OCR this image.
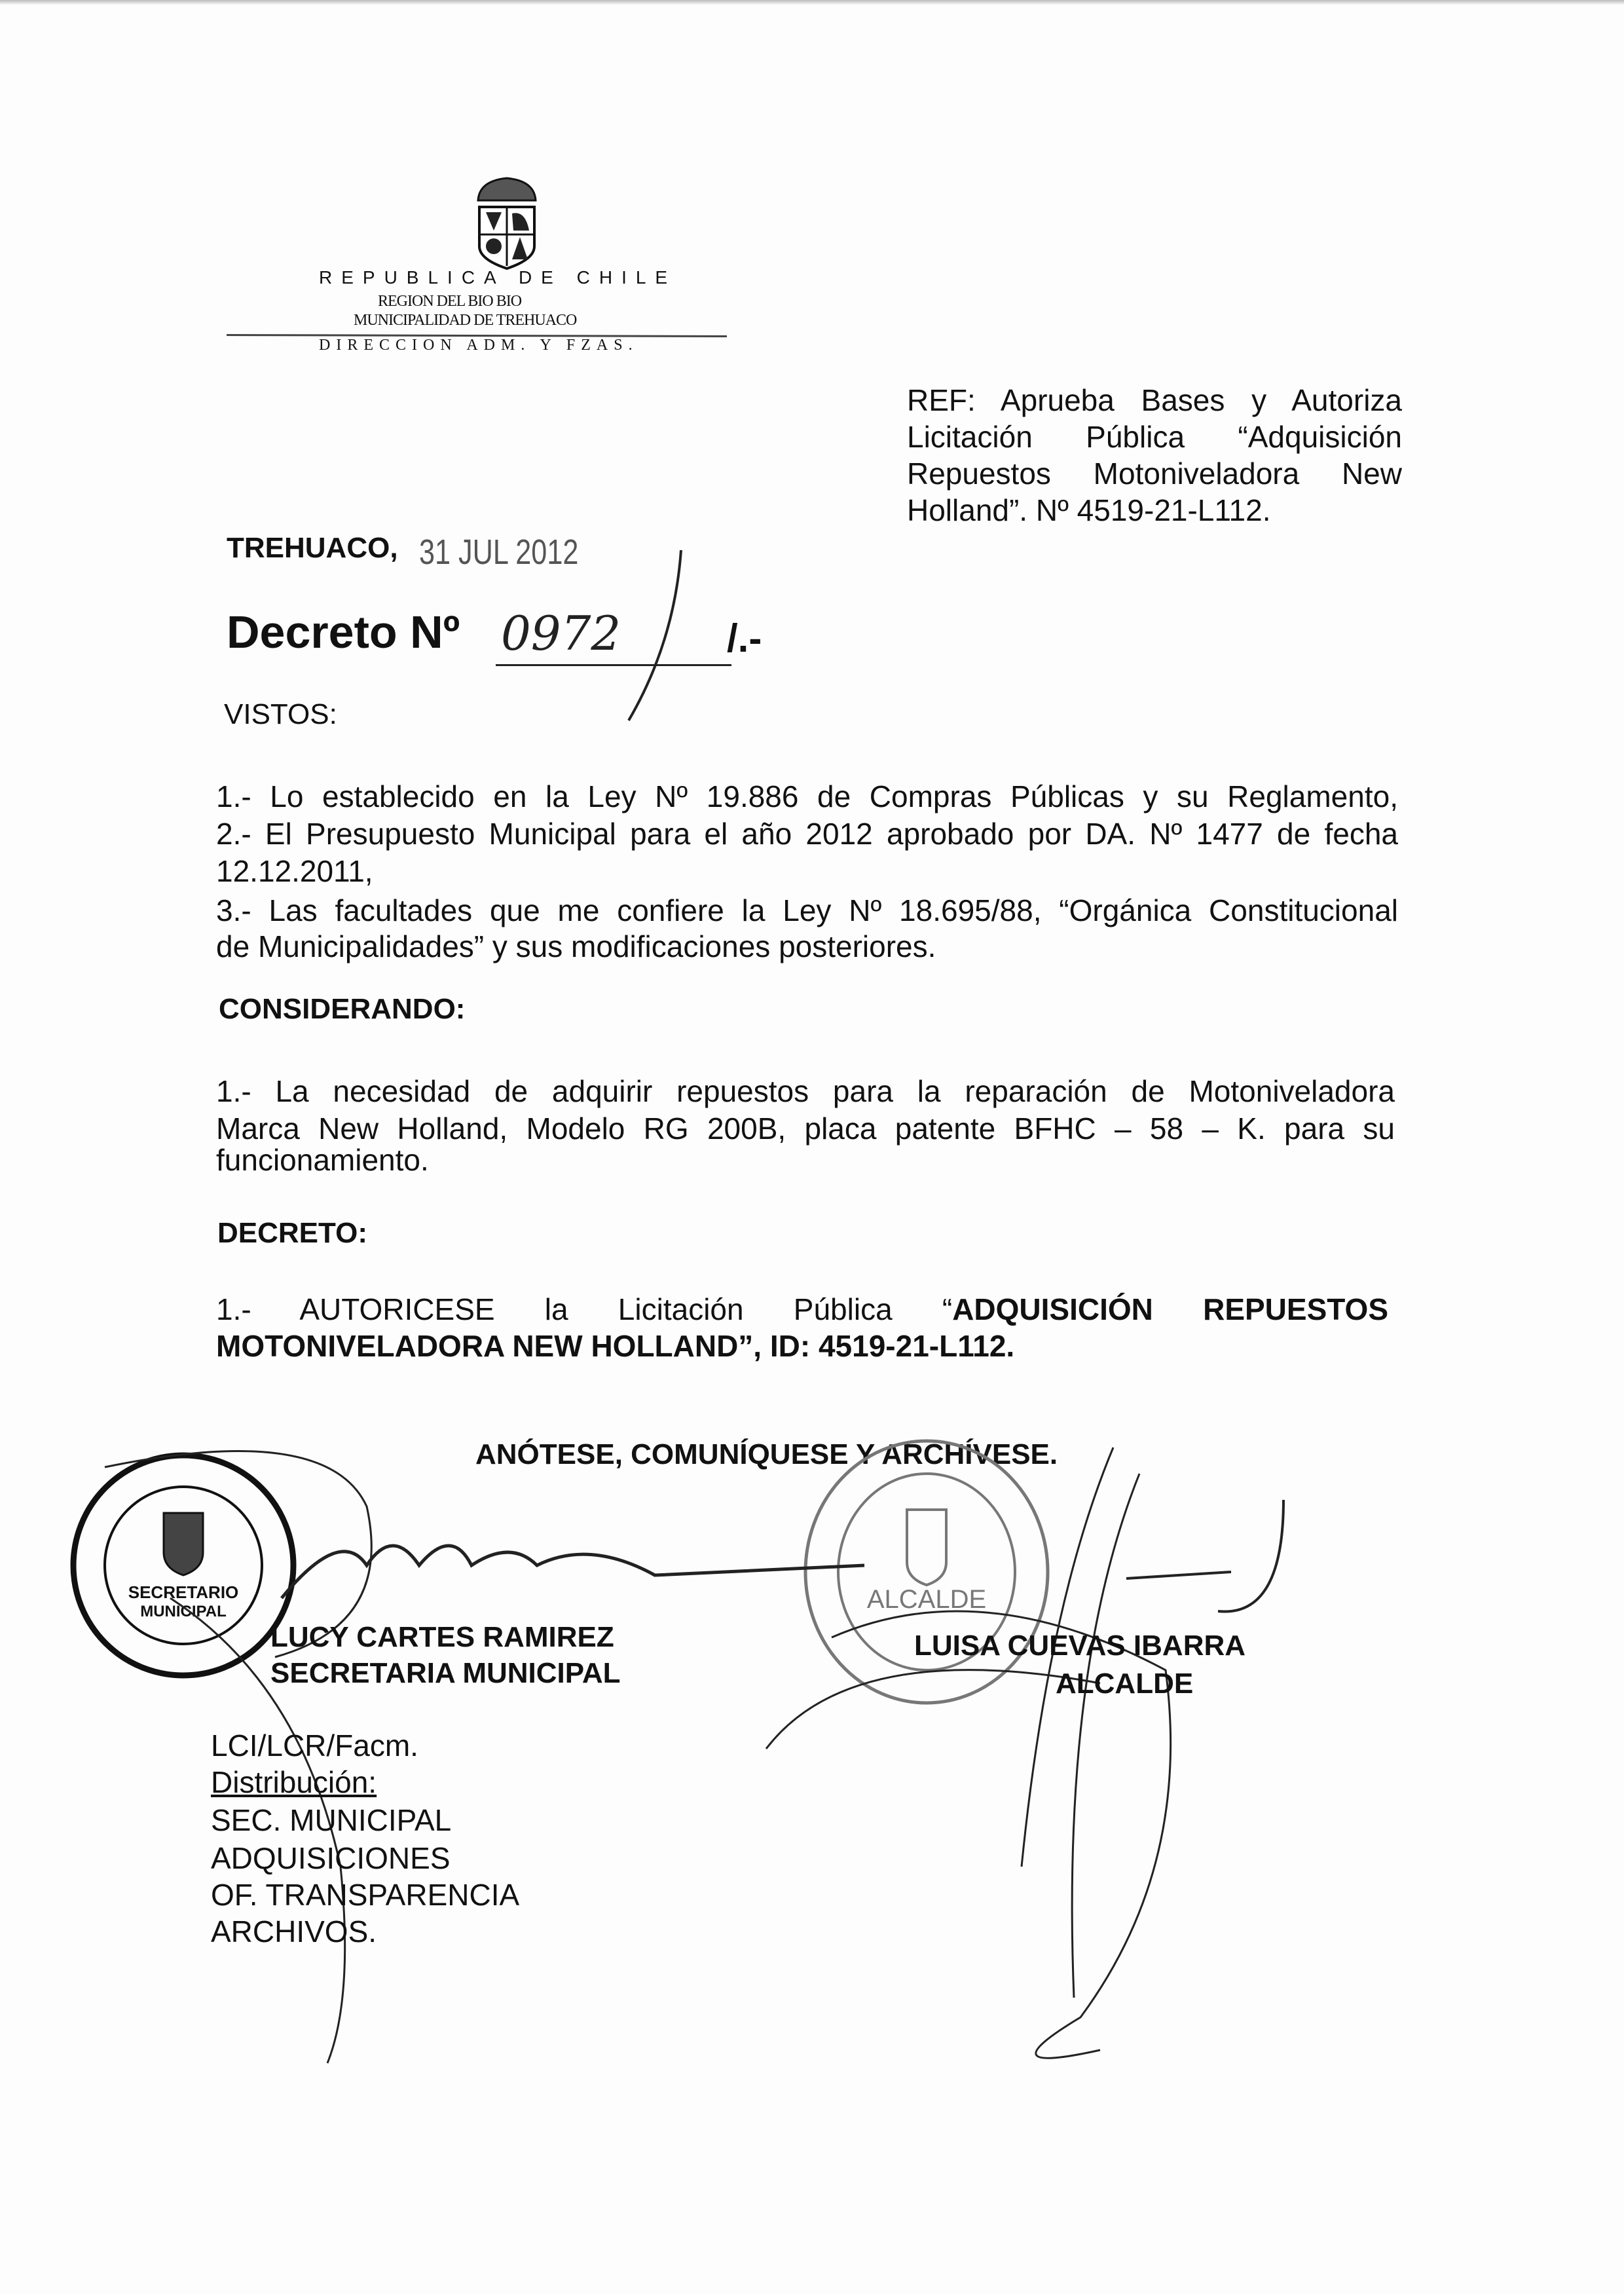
REPUBLICA DE CHILE
REGION DEL BIO BIO
MUNICIPALIDAD DE TREHUACO
DIRECCION ADM. Y FZAS.
REF: Aprueba Bases y Autoriza
Licitación Pública “Adquisición
Repuestos Motoniveladora New
Holland”. Nº 4519-21-L112.
TREHUACO, 31 JUL 2012
Decreto Nº 0972	/.-
VISTOS:
1.- Lo establecido en la Ley Nº 19.886 de Compras Públicas y su Reglamento,
2.- El Presupuesto Municipal para el año 2012 aprobado por DA. Nº 1477 de fecha
12.12.2011,
3.- Las facultades que me confiere la Ley Nº 18.695/88, “Orgánica Constitucional
de Municipalidades” y sus modificaciones posteriores.
CONSIDERANDO:
1.- La necesidad de adquirir repuestos para la reparación de Motoniveladora
Marca New Holland, Modelo RG 200B, placa patente BFHC – 58 – K. para su
funcionamiento.
DECRETO:
1.- AUTORICESE la Licitación Pública “ADQUISICIÓN REPUESTOS
MOTONIVELADORA NEW HOLLAND”, ID: 4519-21-L112.
ANÓTESE, COMUNÍQUESE Y ARCHÍVESE.
SECRETARIO
MUNICIPAL	ALCALDE
LUCY CARTES RAMIREZ
SECRETARIA MUNICIPAL
LUISA CUEVAS IBARRA
ALCALDE
LCI/LCR/Facm.
Distribución:
SEC. MUNICIPAL
ADQUISICIONES
OF. TRANSPARENCIA
ARCHIVOS.
